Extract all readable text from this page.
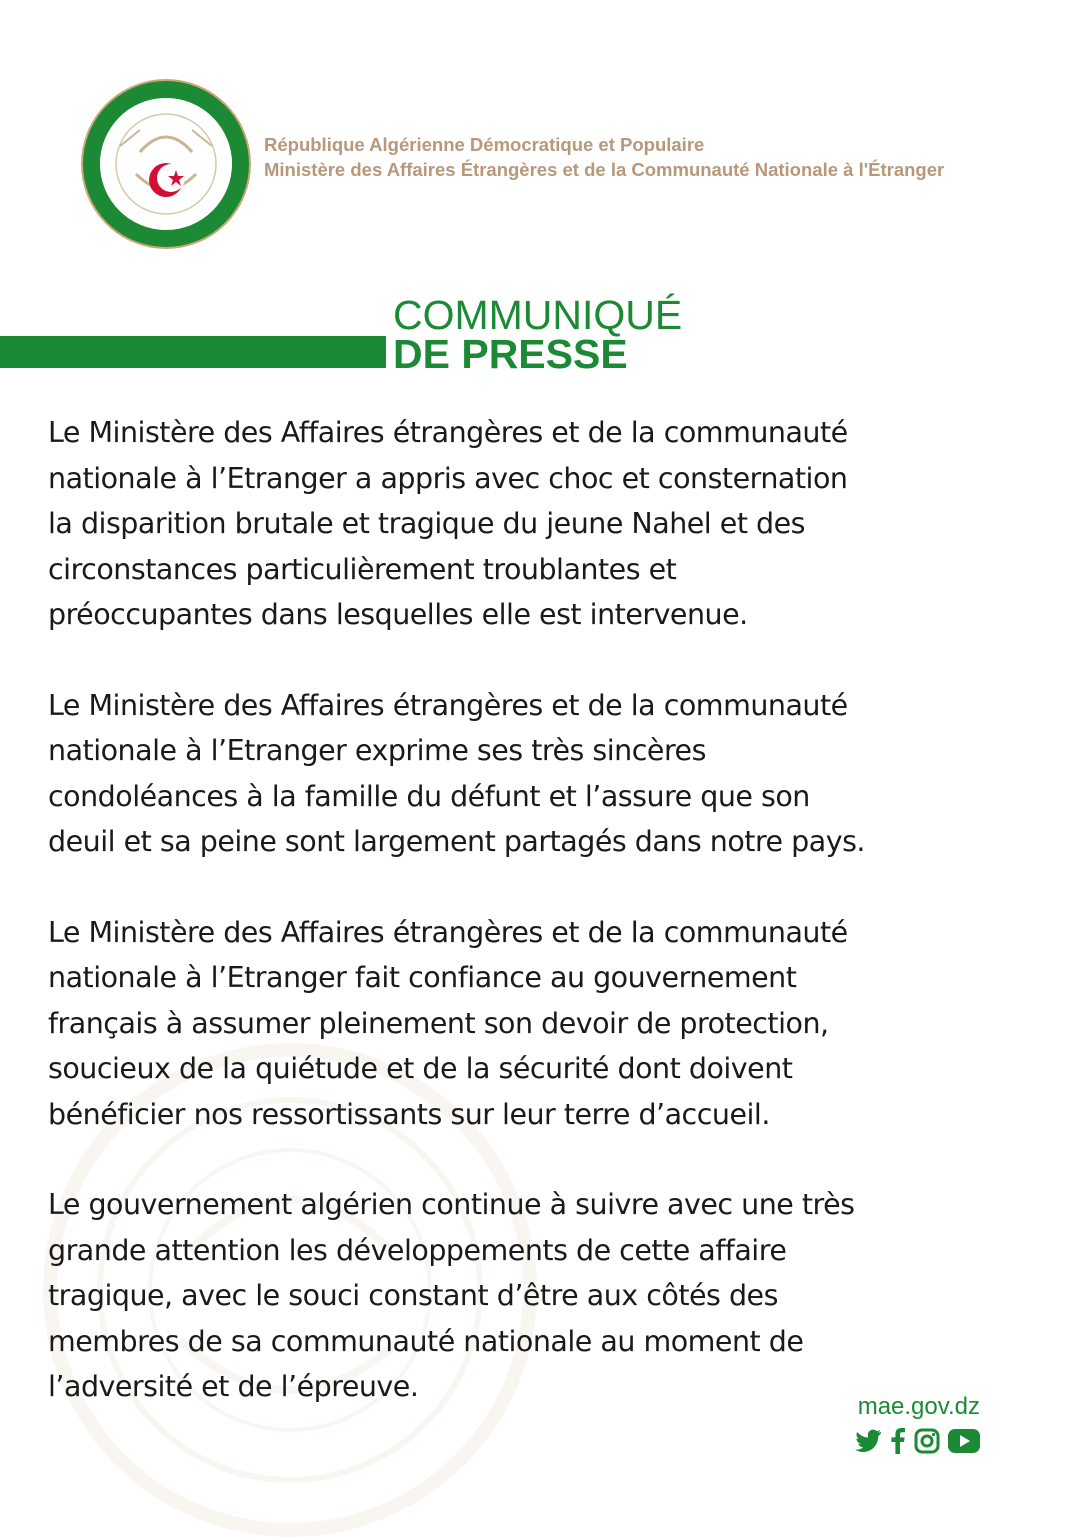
République Algérienne Démocratique et Populaire
Ministère des Affaires Étrangères et de la Communauté Nationale à l'Étranger
COMMUNIQUÉ
DE PRESSE

Le Ministère des Affaires étrangères et de la communauté
nationale à l’Etranger a appris avec choc et consternation
la disparition brutale et tragique du jeune Nahel et des
circonstances particulièrement troublantes et
préoccupantes dans lesquelles elle est intervenue.

Le Ministère des Affaires étrangères et de la communauté
nationale à l’Etranger exprime ses très sincères
condoléances à la famille du défunt et l’assure que son
deuil et sa peine sont largement partagés dans notre pays.

Le Ministère des Affaires étrangères et de la communauté
nationale à l’Etranger fait confiance au gouvernement
français à assumer pleinement son devoir de protection,
soucieux de la quiétude et de la sécurité dont doivent
bénéficier nos ressortissants sur leur terre d’accueil.

Le gouvernement algérien continue à suivre avec une très
grande attention les développements de cette affaire
tragique, avec le souci constant d’être aux côtés des
membres de sa communauté nationale au moment de
l’adversité et de l’épreuve.

mae.gov.dz
